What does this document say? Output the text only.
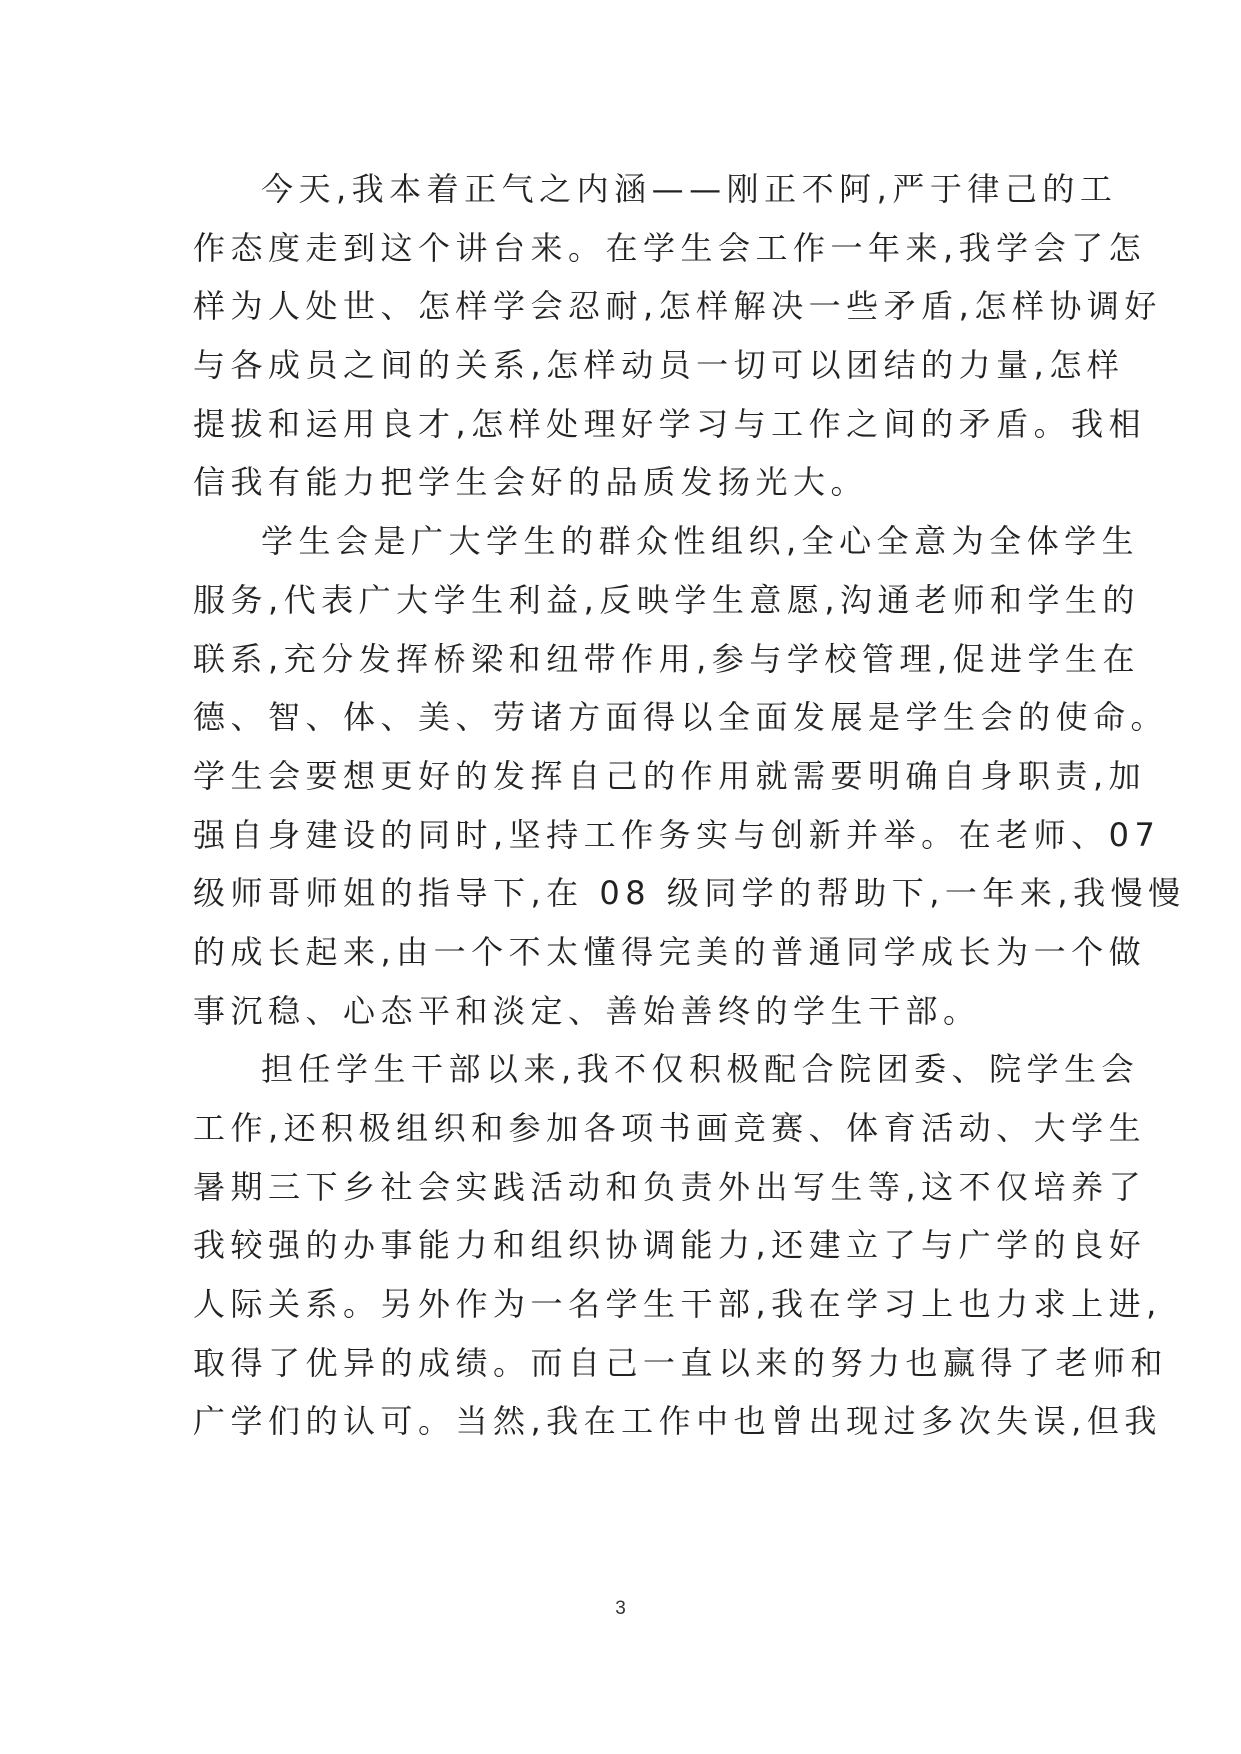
今天,我本着正气之内涵——刚正不阿,严于律己的工
作态度走到这个讲台来。在学生会工作一年来,我学会了怎
样为人处世、怎样学会忍耐,怎样解决一些矛盾,怎样协调好
与各成员之间的关系,怎样动员一切可以团结的力量,怎样
提拔和运用良才,怎样处理好学习与工作之间的矛盾。我相
信我有能力把学生会好的品质发扬光大。
学生会是广大学生的群众性组织,全心全意为全体学生
服务,代表广大学生利益,反映学生意愿,沟通老师和学生的
联系,充分发挥桥梁和纽带作用,参与学校管理,促进学生在
德、智、体、美、劳诸方面得以全面发展是学生会的使命。
学生会要想更好的发挥自己的作用就需要明确自身职责,加
强自身建设的同时,坚持工作务实与创新并举。在老师、07
级师哥师姐的指导下,在 08 级同学的帮助下,一年来,我慢慢
的成长起来,由一个不太懂得完美的普通同学成长为一个做
事沉稳、心态平和淡定、善始善终的学生干部。
担任学生干部以来,我不仅积极配合院团委、院学生会
工作,还积极组织和参加各项书画竞赛、体育活动、大学生
暑期三下乡社会实践活动和负责外出写生等,这不仅培养了
我较强的办事能力和组织协调能力,还建立了与广学的良好
人际关系。另外作为一名学生干部,我在学习上也力求上进,
取得了优异的成绩。而自己一直以来的努力也赢得了老师和
广学们的认可。当然,我在工作中也曾出现过多次失误,但我
3
